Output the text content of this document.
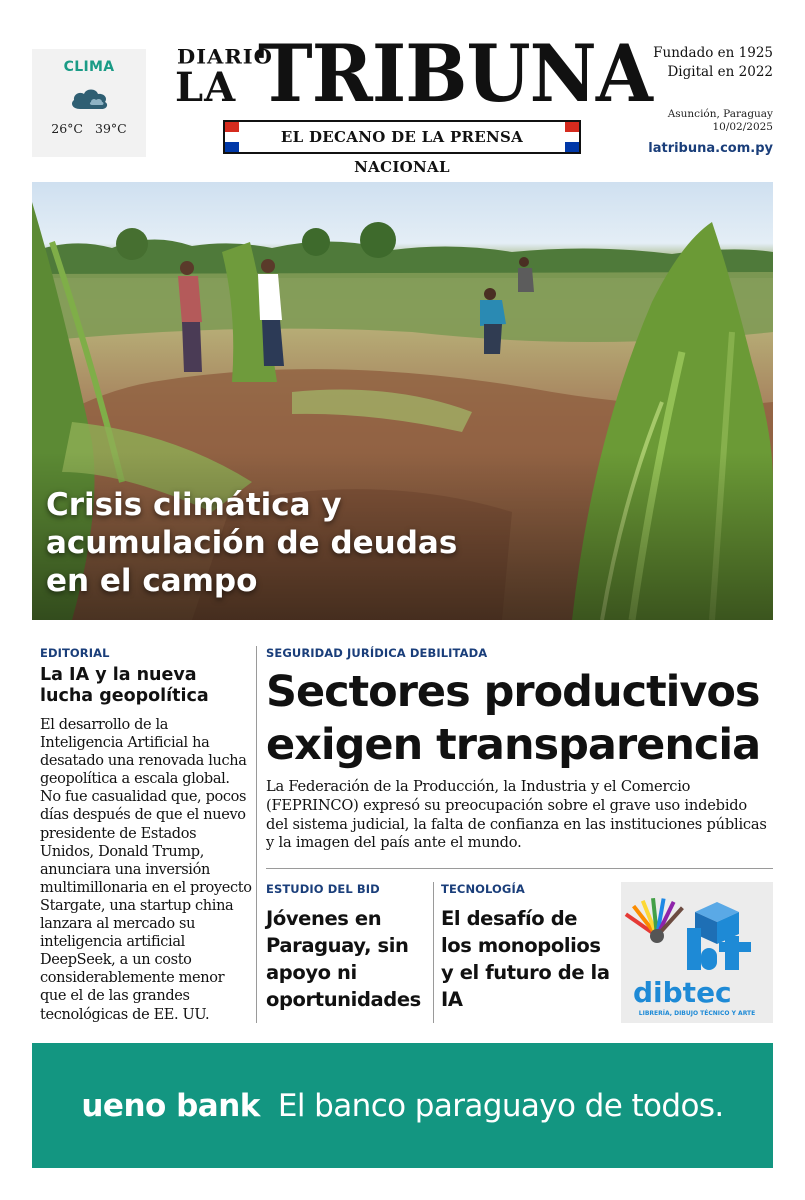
CLIMA
26°C 39°C
DIARIO
LA TRIBUNA
EL DECANO DE LA PRENSA NACIONAL
Fundado en 1925
Digital en 2022
Asunción, Paraguay
10/02/2025
latribuna.com.py
Crisis climática y acumulación de deudas en el campo
EDITORIAL
La IA y la nueva lucha geopolítica

El desarrollo de la Inteligencia Artificial ha desatado una renovada lucha geopolítica a escala global. No fue casualidad que, pocos días después de que el nuevo presidente de Estados Unidos, Donald Trump, anunciara una inversión multimillonaria en el proyecto Stargate, una startup china lanzara al mercado su inteligencia artificial DeepSeek, a un costo considerablemente menor que el de las grandes tecnológicas de EE. UU.

SEGURIDAD JURÍDICA DEBILITADA
Sectores productivos
exigen transparencia

La Federación de la Producción, la Industria y el Comercio (FEPRINCO) expresó su preocupación sobre el grave uso indebido del sistema judicial, la falta de confianza en las instituciones públicas y la imagen del país ante el mundo.

ESTUDIO DEL BID
Jóvenes en Paraguay, sin apoyo ni oportunidades
TECNOLOGÍA
El desafío de los monopolios y el futuro de la IA	dibtec
LIBRERÍA, DIBUJO TÉCNICO Y ARTE
ueno bank El banco paraguayo de todos.
